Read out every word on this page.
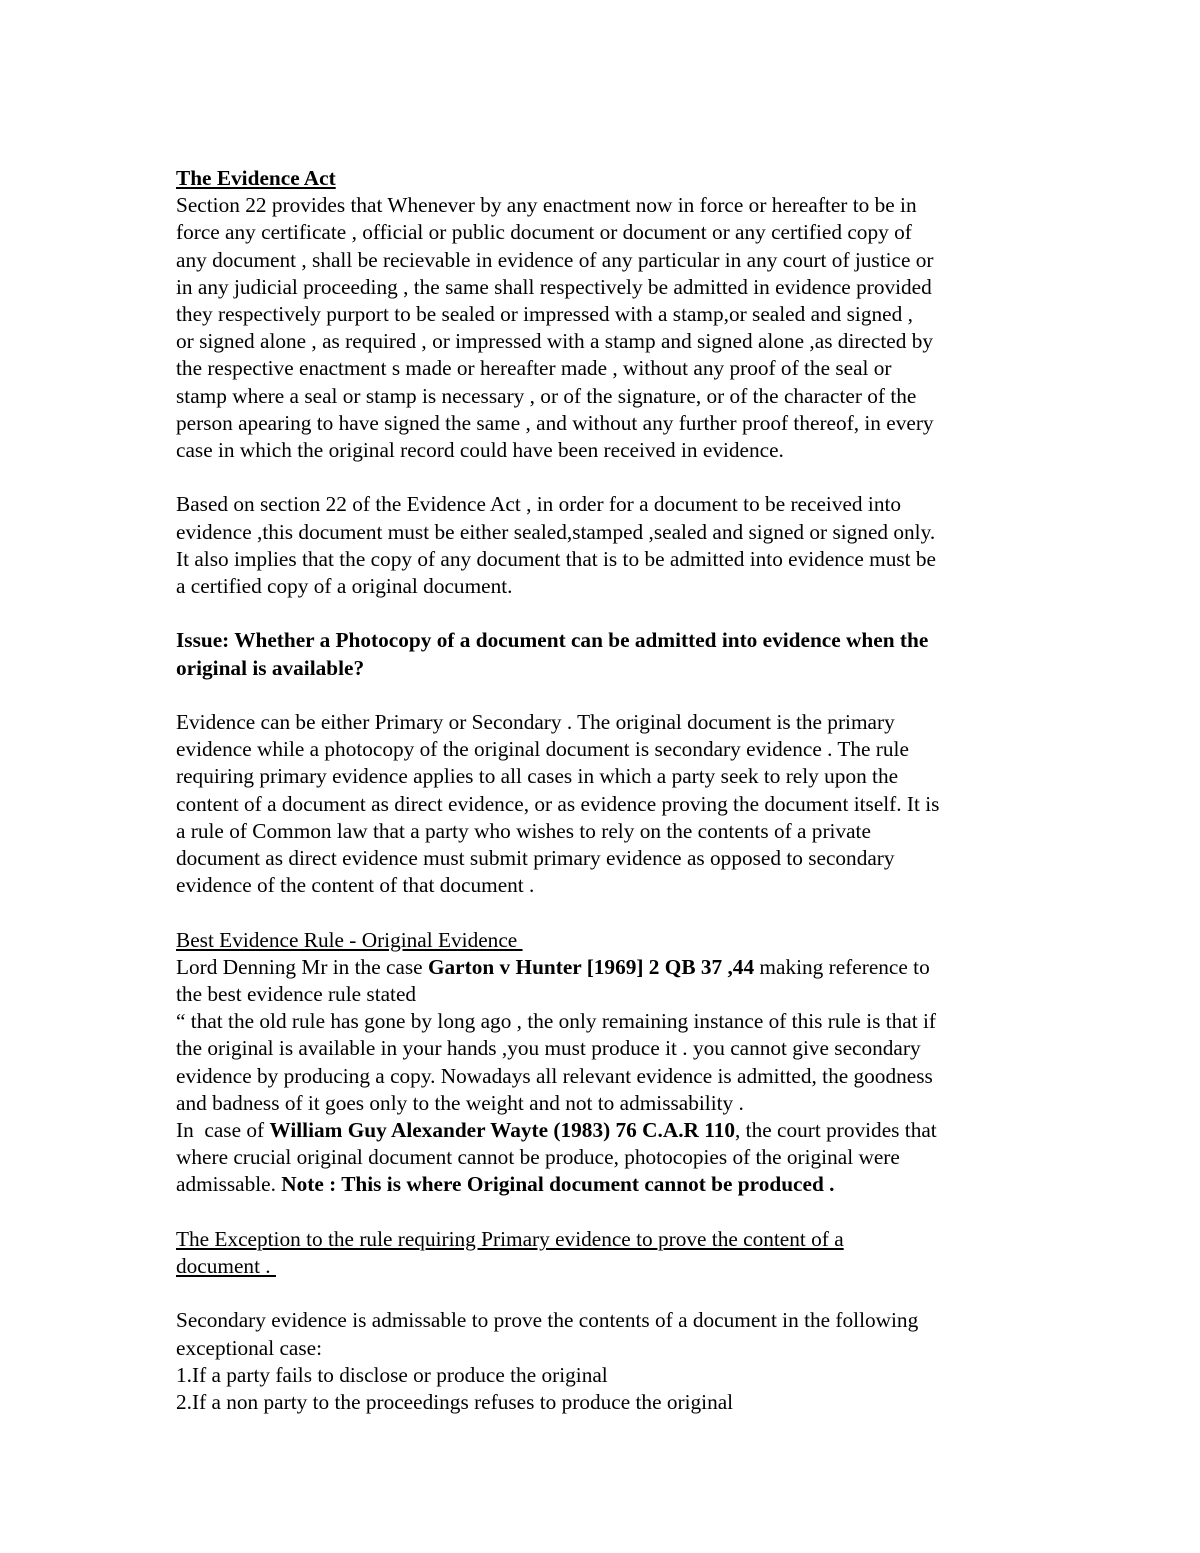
The Evidence Act

Section 22 provides that Whenever by any enactment now in force or hereafter to be in
force any certificate , official or public document or document or any certified copy of
any document , shall be recievable in evidence of any particular in any court of justice or
in any judicial proceeding , the same shall respectively be admitted in evidence provided
they respectively purport to be sealed or impressed with a stamp,or sealed and signed ,
or signed alone , as required , or impressed with a stamp and signed alone ,as directed by
the respective enactment s made or hereafter made , without any proof of the seal or
stamp where a seal or stamp is necessary , or of the signature, or of the character of the
person apearing to have signed the same , and without any further proof thereof, in every
case in which the original record could have been received in evidence.

Based on section 22 of the Evidence Act , in order for a document to be received into
evidence ,this document must be either sealed,stamped ,sealed and signed or signed only.
It also implies that the copy of any document that is to be admitted into evidence must be
a certified copy of a original document.

Issue: Whether a Photocopy of a document can be admitted into evidence when the
original is available?

Evidence can be either Primary or Secondary . The original document is the primary
evidence while a photocopy of the original document is secondary evidence . The rule
requiring primary evidence applies to all cases in which a party seek to rely upon the
content of a document as direct evidence, or as evidence proving the document itself. It is
a rule of Common law that a party who wishes to rely on the contents of a private
document as direct evidence must submit primary evidence as opposed to secondary
evidence of the content of that document .

Best Evidence Rule - Original Evidence
Lord Denning Mr in the case Garton v Hunter [1969] 2 QB 37 ,44 making reference to
the best evidence rule stated
“ that the old rule has gone by long ago , the only remaining instance of this rule is that if
the original is available in your hands ,you must produce it . you cannot give secondary
evidence by producing a copy. Nowadays all relevant evidence is admitted, the goodness
and badness of it goes only to the weight and not to admissability .
In  case of William Guy Alexander Wayte (1983) 76 C.A.R 110, the court provides that
where crucial original document cannot be produce, photocopies of the original were
admissable. Note : This is where Original document cannot be produced .

The Exception to the rule requiring Primary evidence to prove the content of a
document .

Secondary evidence is admissable to prove the contents of a document in the following
exceptional case:
1.If a party fails to disclose or produce the original
2.If a non party to the proceedings refuses to produce the original
